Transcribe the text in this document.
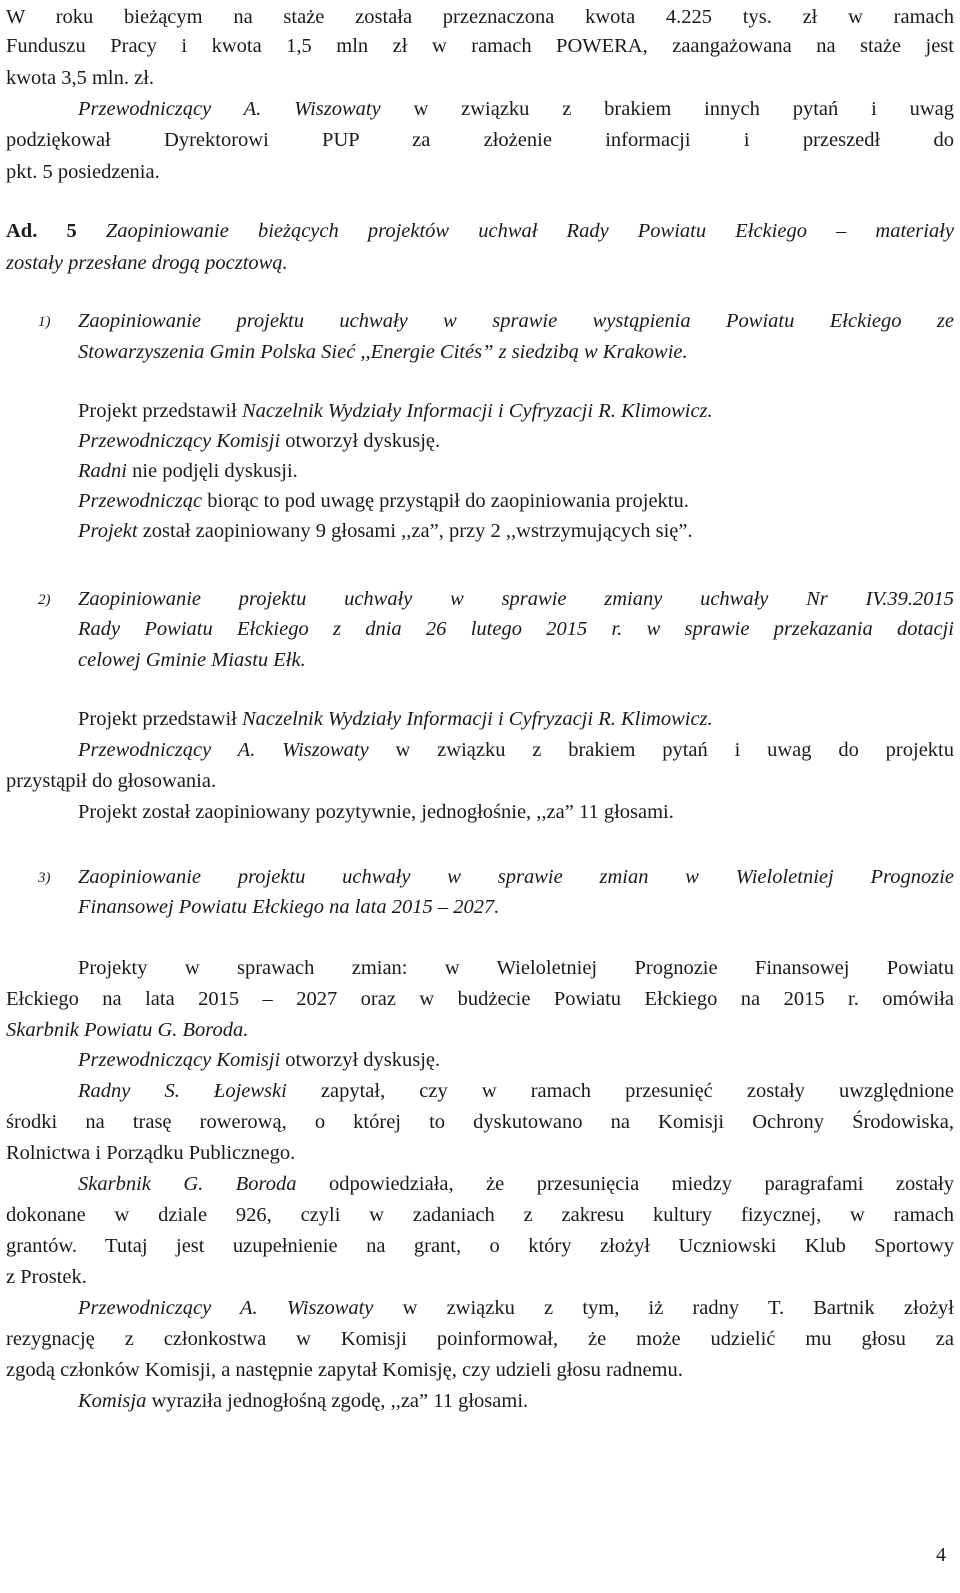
W roku bieżącym na staże została przeznaczona kwota 4.225 tys. zł w ramach
Funduszu Pracy i kwota 1,5 mln zł w ramach POWERA, zaangażowana na staże jest
kwota 3,5 mln. zł.
Przewodniczący A. Wiszowaty w związku z brakiem innych pytań i uwag
podziękował Dyrektorowi PUP za złożenie informacji i przeszedł do
pkt. 5 posiedzenia.
Ad. 5 Zaopiniowanie bieżących projektów uchwał Rady Powiatu Ełckiego – materiały
zostały przesłane drogą pocztową.
1) Zaopiniowanie projektu uchwały w sprawie wystąpienia Powiatu Ełckiego ze
Stowarzyszenia Gmin Polska Sieć ,,Energie Cités” z siedzibą w Krakowie.
Projekt przedstawił Naczelnik Wydziały Informacji i Cyfryzacji R. Klimowicz.
Przewodniczący Komisji otworzył dyskusję.
Radni nie podjęli dyskusji.
Przewodnicząc biorąc to pod uwagę przystąpił do zaopiniowania projektu.
Projekt został zaopiniowany 9 głosami ,,za”, przy 2 ,,wstrzymujących się”.
2) Zaopiniowanie projektu uchwały w sprawie zmiany uchwały Nr IV.39.2015
Rady Powiatu Ełckiego z dnia 26 lutego 2015 r. w sprawie przekazania dotacji
celowej Gminie Miastu Ełk.
Projekt przedstawił Naczelnik Wydziały Informacji i Cyfryzacji R. Klimowicz.
Przewodniczący A. Wiszowaty w związku z brakiem pytań i uwag do projektu
przystąpił do głosowania.
Projekt został zaopiniowany pozytywnie, jednogłośnie, ,,za” 11 głosami.
3) Zaopiniowanie projektu uchwały w sprawie zmian w Wieloletniej Prognozie
Finansowej Powiatu Ełckiego na lata 2015 – 2027.
Projekty w sprawach zmian: w Wieloletniej Prognozie Finansowej Powiatu
Ełckiego na lata 2015 – 2027 oraz w budżecie Powiatu Ełckiego na 2015 r. omówiła
Skarbnik Powiatu G. Boroda.
Przewodniczący Komisji otworzył dyskusję.
Radny S. Łojewski zapytał, czy w ramach przesunięć zostały uwzględnione
środki na trasę rowerową, o której to dyskutowano na Komisji Ochrony Środowiska,
Rolnictwa i Porządku Publicznego.
Skarbnik G. Boroda odpowiedziała, że przesunięcia miedzy paragrafami zostały
dokonane w dziale 926, czyli w zadaniach z zakresu kultury fizycznej, w ramach
grantów. Tutaj jest uzupełnienie na grant, o który złożył Uczniowski Klub Sportowy
z Prostek.
Przewodniczący A. Wiszowaty w związku z tym, iż radny T. Bartnik złożył
rezygnację z członkostwa w Komisji poinformował, że może udzielić mu głosu za
zgodą członków Komisji, a następnie zapytał Komisję, czy udzieli głosu radnemu.
Komisja wyraziła jednogłośną zgodę, ,,za” 11 głosami.
4
